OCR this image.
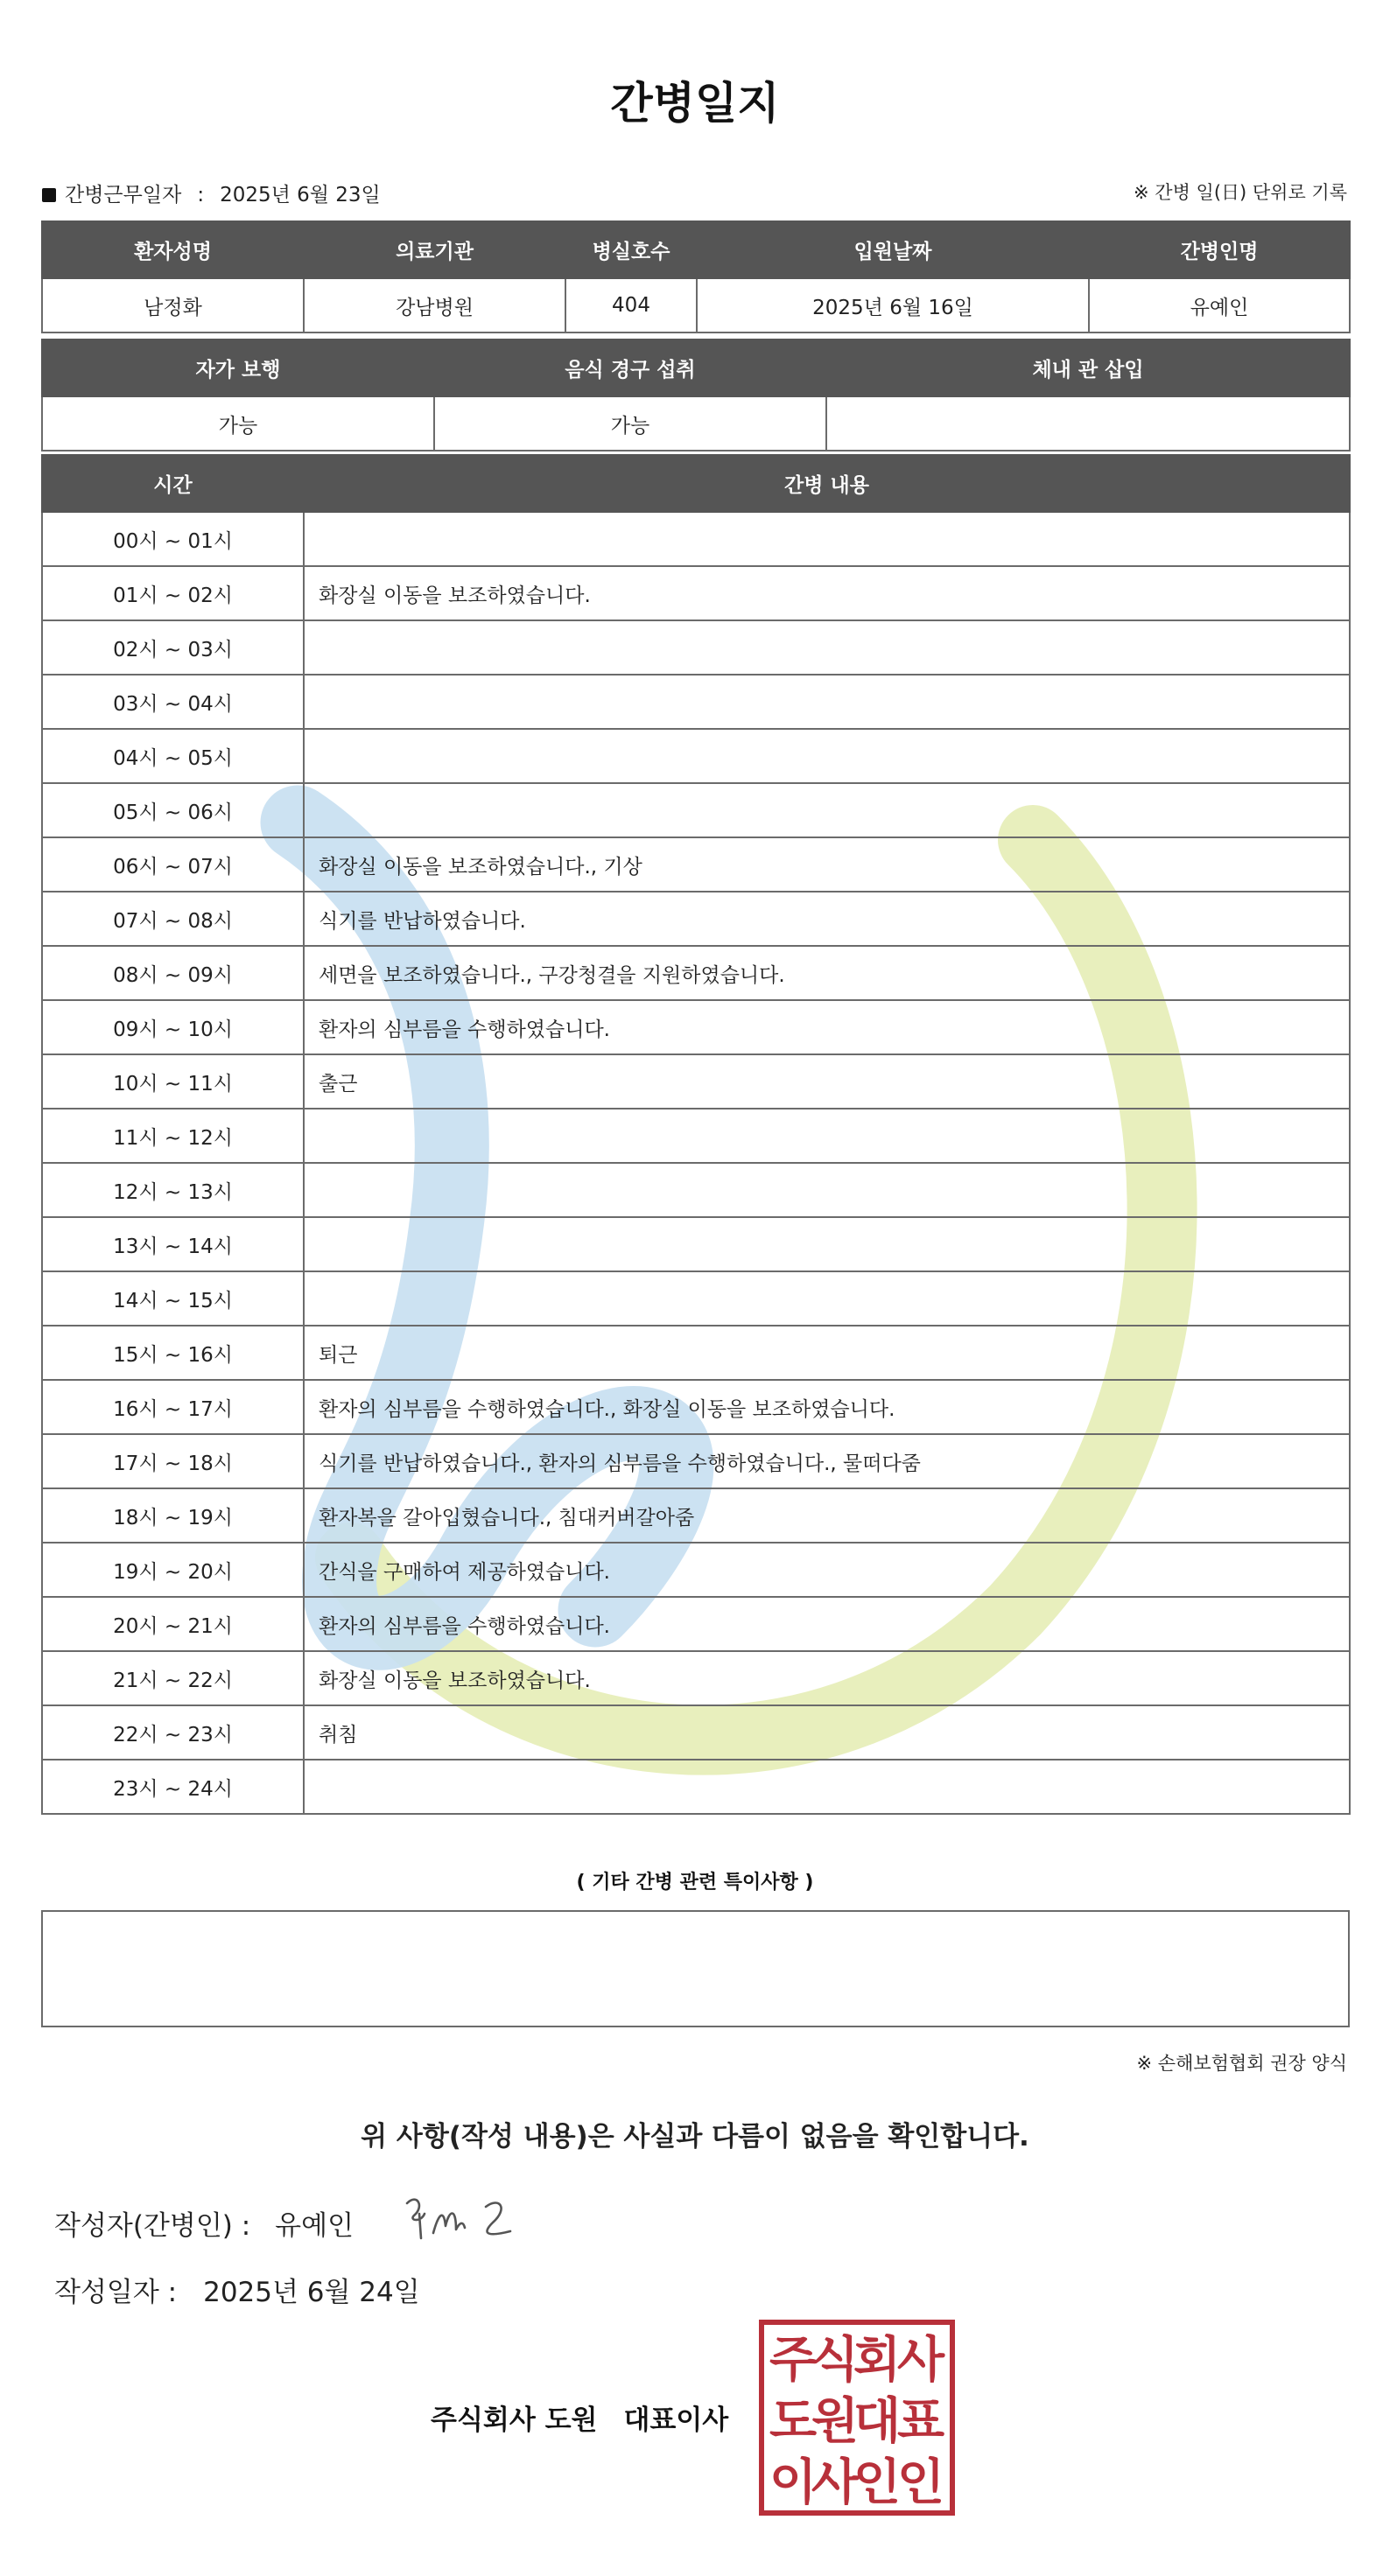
간병일지
간병근무일자 : 2025년 6월 23일	※ 간병 일(日) 단위로 기록
환자성명	의료기관	병실호수	입원날짜	간병인명
남정화	강남병원	404	2025년 6월 16일	유예인
자가 보행	음식 경구 섭취	체내 관 삽입
가능	가능	
시간	간병 내용
00시 ~ 01시	
01시 ~ 02시	화장실 이동을 보조하였습니다.
02시 ~ 03시	
03시 ~ 04시	
04시 ~ 05시	
05시 ~ 06시	
06시 ~ 07시	화장실 이동을 보조하였습니다., 기상
07시 ~ 08시	식기를 반납하였습니다.
08시 ~ 09시	세면을 보조하였습니다., 구강청결을 지원하였습니다.
09시 ~ 10시	환자의 심부름을 수행하였습니다.
10시 ~ 11시	출근
11시 ~ 12시	
12시 ~ 13시	
13시 ~ 14시	
14시 ~ 15시	
15시 ~ 16시	퇴근
16시 ~ 17시	환자의 심부름을 수행하였습니다., 화장실 이동을 보조하였습니다.
17시 ~ 18시	식기를 반납하였습니다., 환자의 심부름을 수행하였습니다., 물떠다줌
18시 ~ 19시	환자복을 갈아입혔습니다., 침대커버갈아줌
19시 ~ 20시	간식을 구매하여 제공하였습니다.
20시 ~ 21시	환자의 심부름을 수행하였습니다.
21시 ~ 22시	화장실 이동을 보조하였습니다.
22시 ~ 23시	취침
23시 ~ 24시	
( 기타 간병 관련 특이사항 )
※ 손해보험협회 권장 양식
위 사항(작성 내용)은 사실과 다름이 없음을 확인합니다.
작성자(간병인) : 유예인
작성일자 : 2025년 6월 24일
주식회사 도원 대표이사
주
식
회
사
도
원
대
표
이
사
인
인
